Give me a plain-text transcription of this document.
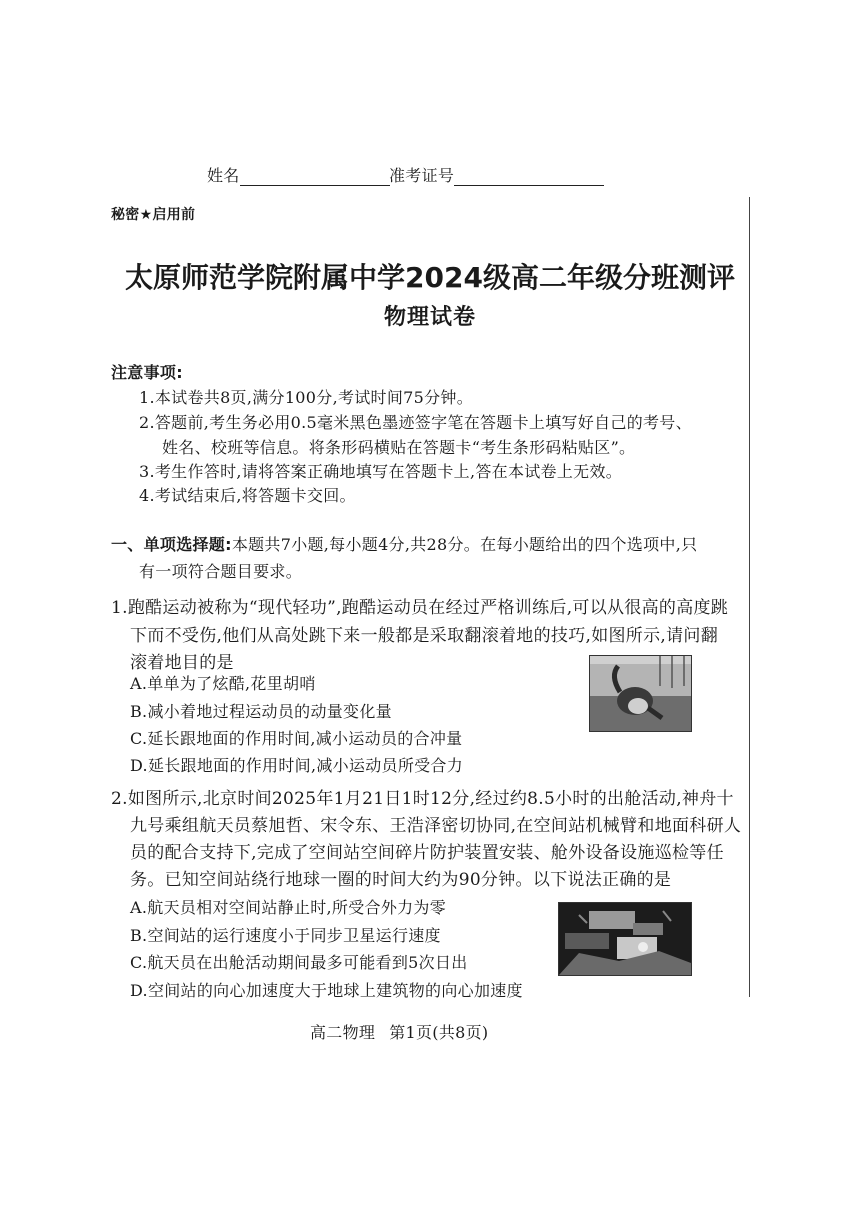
姓名	准考证号
秘密★启用前
太原师范学院附属中学2024级高二年级分班测评
物理试卷
注意事项:
1.本试卷共8页,满分100分,考试时间75分钟。
2.答题前,考生务必用0.5毫米黑色墨迹签字笔在答题卡上填写好自己的考号、
姓名、校班等信息。将条形码横贴在答题卡“考生条形码粘贴区”。
3.考生作答时,请将答案正确地填写在答题卡上,答在本试卷上无效。
4.考试结束后,将答题卡交回。
一、单项选择题:本题共7小题,每小题4分,共28分。在每小题给出的四个选项中,只
有一项符合题目要求。
1.跑酷运动被称为“现代轻功”,跑酷运动员在经过严格训练后,可以从很高的高度跳
下而不受伤,他们从高处跳下来一般都是采取翻滚着地的技巧,如图所示,请问翻
滚着地目的是
A.单单为了炫酷,花里胡哨
B.减小着地过程运动员的动量变化量
C.延长跟地面的作用时间,减小运动员的合冲量
D.延长跟地面的作用时间,减小运动员所受合力
2.如图所示,北京时间2025年1月21日1时12分,经过约8.5小时的出舱活动,神舟十
九号乘组航天员蔡旭哲、宋令东、王浩泽密切协同,在空间站机械臂和地面科研人
员的配合支持下,完成了空间站空间碎片防护装置安装、舱外设备设施巡检等任
务。已知空间站绕行地球一圈的时间大约为90分钟。以下说法正确的是
A.航天员相对空间站静止时,所受合外力为零
B.空间站的运行速度小于同步卫星运行速度
C.航天员在出舱活动期间最多可能看到5次日出
D.空间站的向心加速度大于地球上建筑物的向心加速度
高二物理 第1页(共8页)
